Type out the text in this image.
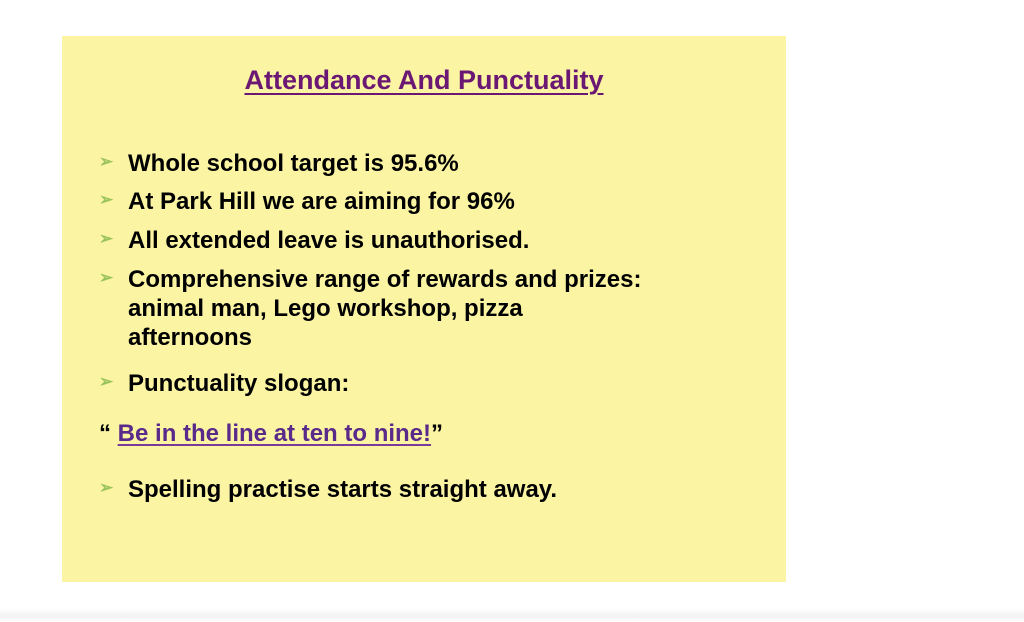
Attendance And Punctuality
➢ Whole school target is 95.6%
➢ At Park Hill we are aiming for 96%
➢ All extended leave is unauthorised.
➢ Comprehensive range of rewards and prizes:
animal man, Lego workshop, pizza
afternoons
➢ Punctuality slogan:
“ Be in the line at ten to nine!”
➢ Spelling practise starts straight away.
